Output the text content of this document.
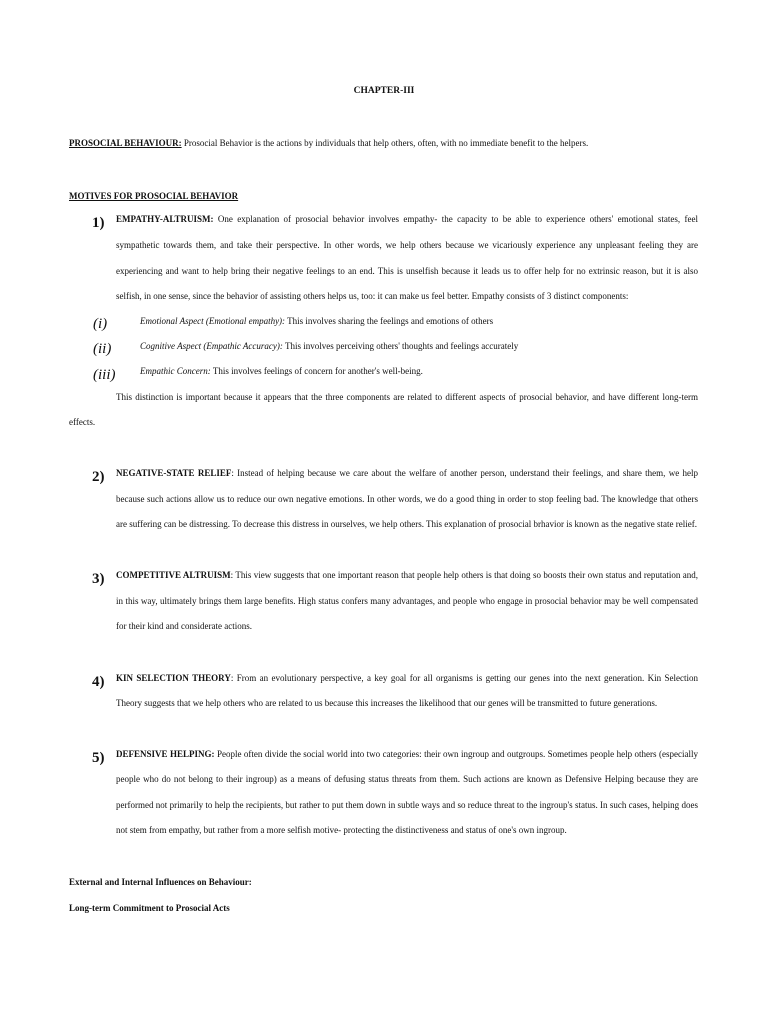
CHAPTER-III
PROSOCIAL BEHAVIOUR: Prosocial Behavior is the actions by individuals that help others, often, with no immediate benefit to the helpers.
MOTIVES FOR PROSOCIAL BEHAVIOR
1) EMPATHY-ALTRUISM: One explanation of prosocial behavior involves empathy- the capacity to be able to experience others' emotional states, feel
sympathetic towards them, and take their perspective. In other words, we help others because we vicariously experience any unpleasant feeling they are
experiencing and want to help bring their negative feelings to an end. This is unselfish because it leads us to offer help for no extrinsic reason, but it is also
selfish, in one sense, since the behavior of assisting others helps us, too: it can make us feel better. Empathy consists of 3 distinct components:
(i)	Emotional Aspect (Emotional empathy): This involves sharing the feelings and emotions of others
(ii)	Cognitive Aspect (Empathic Accuracy): This involves perceiving others' thoughts and feelings accurately
(iii)	Empathic Concern: This involves feelings of concern for another's well-being.
This distinction is important because it appears that the three components are related to different aspects of prosocial behavior, and have different long-term
effects.
2) NEGATIVE-STATE RELIEF: Instead of helping because we care about the welfare of another person, understand their feelings, and share them, we help
because such actions allow us to reduce our own negative emotions. In other words, we do a good thing in order to stop feeling bad. The knowledge that others
are suffering can be distressing. To decrease this distress in ourselves, we help others. This explanation of prosocial brhavior is known as the negative state relief.
3) COMPETITIVE ALTRUISM: This view suggests that one important reason that people help others is that doing so boosts their own status and reputation and,
in this way, ultimately brings them large benefits. High status confers many advantages, and people who engage in prosocial behavior may be well compensated
for their kind and considerate actions.
4) KIN SELECTION THEORY: From an evolutionary perspective, a key goal for all organisms is getting our genes into the next generation. Kin Selection
Theory suggests that we help others who are related to us because this increases the likelihood that our genes will be transmitted to future generations.
5) DEFENSIVE HELPING: People often divide the social world into two categories: their own ingroup and outgroups. Sometimes people help others (especially
people who do not belong to their ingroup) as a means of defusing status threats from them. Such actions are known as Defensive Helping because they are
performed not primarily to help the recipients, but rather to put them down in subtle ways and so reduce threat to the ingroup's status. In such cases, helping does
not stem from empathy, but rather from a more selfish motive- protecting the distinctiveness and status of one's own ingroup.
External and Internal Influences on Behaviour:
Long-term Commitment to Prosocial Acts
